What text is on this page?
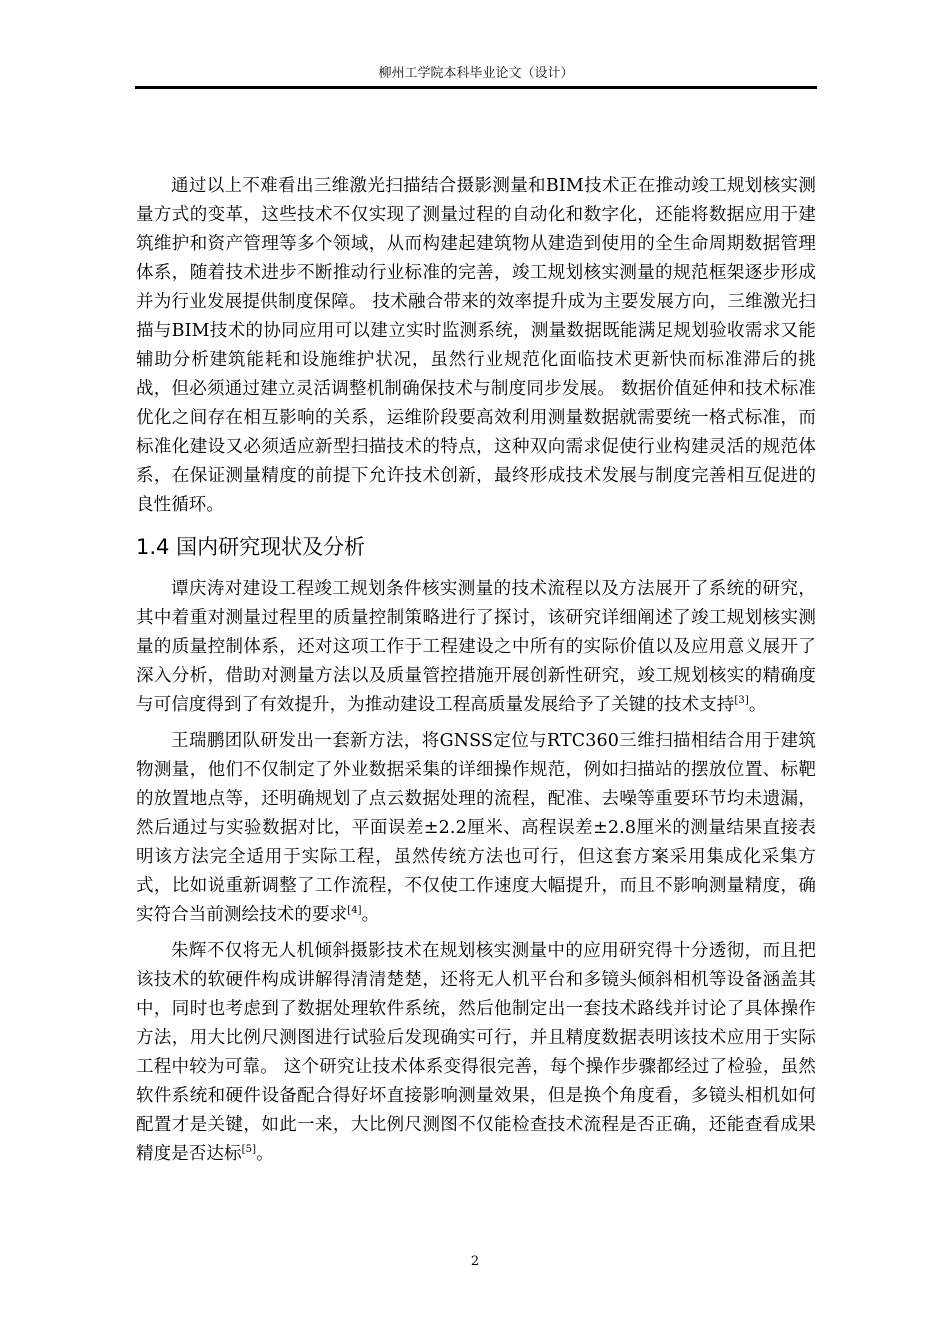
柳州工学院本科毕业论文（设计）

通过以上不难看出三维激光扫描结合摄影测量和BIM技术正在推动竣工规划核实测量方式的变革，这些技术不仅实现了测量过程的自动化和数字化，还能将数据应用于建筑维护和资产管理等多个领域，从而构建起建筑物从建造到使用的全生命周期数据管理体系，随着技术进步不断推动行业标准的完善，竣工规划核实测量的规范框架逐步形成并为行业发展提供制度保障。 技术融合带来的效率提升成为主要发展方向，三维激光扫描与BIM技术的协同应用可以建立实时监测系统，测量数据既能满足规划验收需求又能辅助分析建筑能耗和设施维护状况，虽然行业规范化面临技术更新快而标准滞后的挑战，但必须通过建立灵活调整机制确保技术与制度同步发展。 数据价值延伸和技术标准优化之间存在相互影响的关系，运维阶段要高效利用测量数据就需要统一格式标准，而标准化建设又必须适应新型扫描技术的特点，这种双向需求促使行业构建灵活的规范体系，在保证测量精度的前提下允许技术创新，最终形成技术发展与制度完善相互促进的良性循环。

1.4 国内研究现状及分析

谭庆涛对建设工程竣工规划条件核实测量的技术流程以及方法展开了系统的研究，其中着重对测量过程里的质量控制策略进行了探讨，该研究详细阐述了竣工规划核实测量的质量控制体系，还对这项工作于工程建设之中所有的实际价值以及应用意义展开了深入分析，借助对测量方法以及质量管控措施开展创新性研究，竣工规划核实的精确度与可信度得到了有效提升，为推动建设工程高质量发展给予了关键的技术支持[3]。

王瑞鹏团队研发出一套新方法，将GNSS定位与RTC360三维扫描相结合用于建筑物测量，他们不仅制定了外业数据采集的详细操作规范，例如扫描站的摆放位置、标靶的放置地点等，还明确规划了点云数据处理的流程，配准、去噪等重要环节均未遗漏，然后通过与实验数据对比，平面误差±2.2厘米、高程误差±2.8厘米的测量结果直接表明该方法完全适用于实际工程，虽然传统方法也可行，但这套方案采用集成化采集方式，比如说重新调整了工作流程，不仅使工作速度大幅提升，而且不影响测量精度，确实符合当前测绘技术的要求[4]。

朱辉不仅将无人机倾斜摄影技术在规划核实测量中的应用研究得十分透彻，而且把该技术的软硬件构成讲解得清清楚楚，还将无人机平台和多镜头倾斜相机等设备涵盖其中，同时也考虑到了数据处理软件系统，然后他制定出一套技术路线并讨论了具体操作方法，用大比例尺测图进行试验后发现确实可行，并且精度数据表明该技术应用于实际工程中较为可靠。 这个研究让技术体系变得很完善，每个操作步骤都经过了检验，虽然软件系统和硬件设备配合得好坏直接影响测量效果，但是换个角度看，多镜头相机如何配置才是关键，如此一来，大比例尺测图不仅能检查技术流程是否正确，还能查看成果精度是否达标[5]。

2
